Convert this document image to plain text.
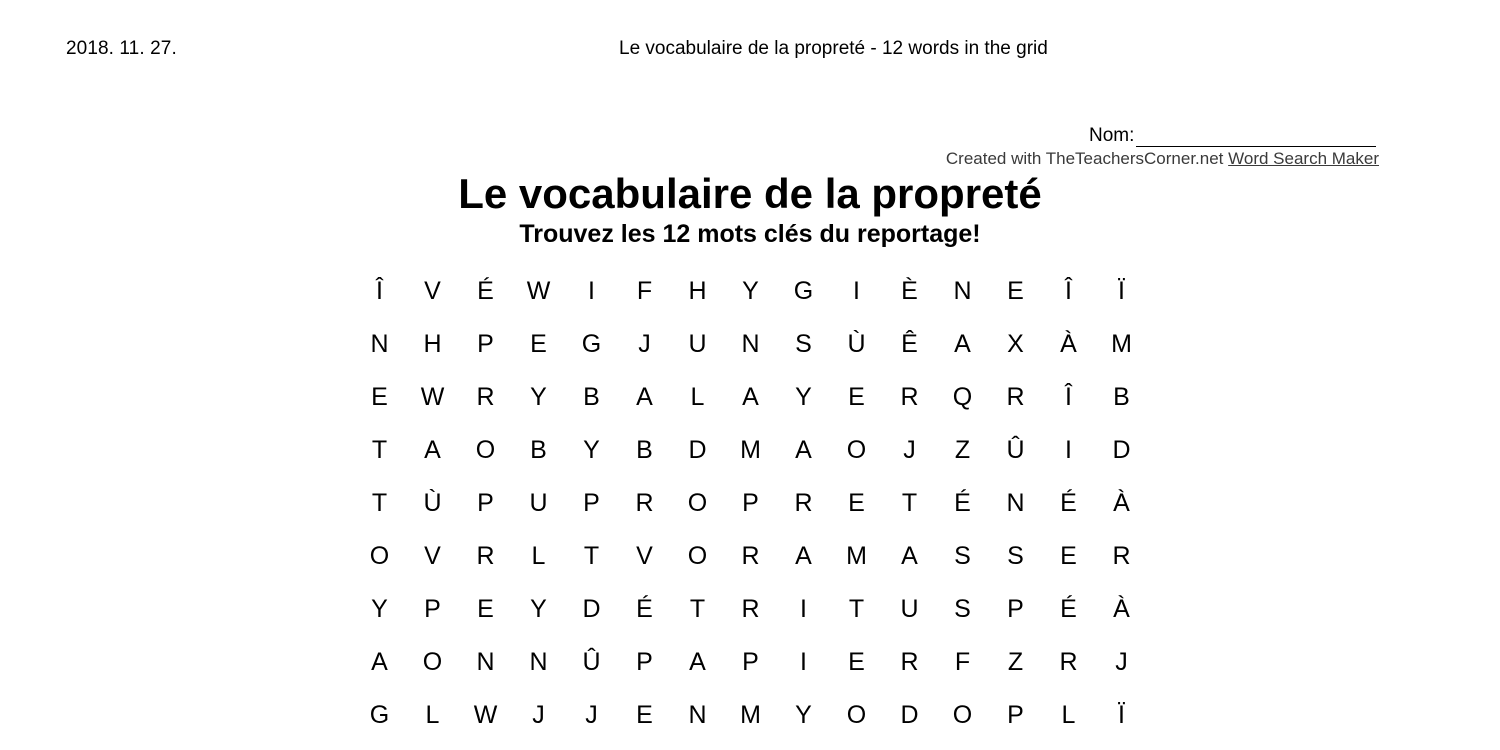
2018. 11. 27.	Le vocabulaire de la propreté - 12 words in the grid
Nom:
Created with TheTeachersCorner.net Word Search Maker
Le vocabulaire de la propreté
Trouvez les 12 mots clés du reportage!
Î	V	É	W	I	F	H	Y	G	I	È	N	E	Î	Ï
N	H	P	E	G	J	U	N	S	Ù	Ê	A	X	À	M
E	W	R	Y	B	A	L	A	Y	E	R	Q	R	Î	B
T	A	O	B	Y	B	D	M	A	O	J	Z	Û	I	D
T	Ù	P	U	P	R	O	P	R	E	T	É	N	É	À
O	V	R	L	T	V	O	R	A	M	A	S	S	E	R
Y	P	E	Y	D	É	T	R	I	T	U	S	P	É	À
A	O	N	N	Û	P	A	P	I	E	R	F	Z	R	J
G	L	W	J	J	E	N	M	Y	O	D	O	P	L	Ï
